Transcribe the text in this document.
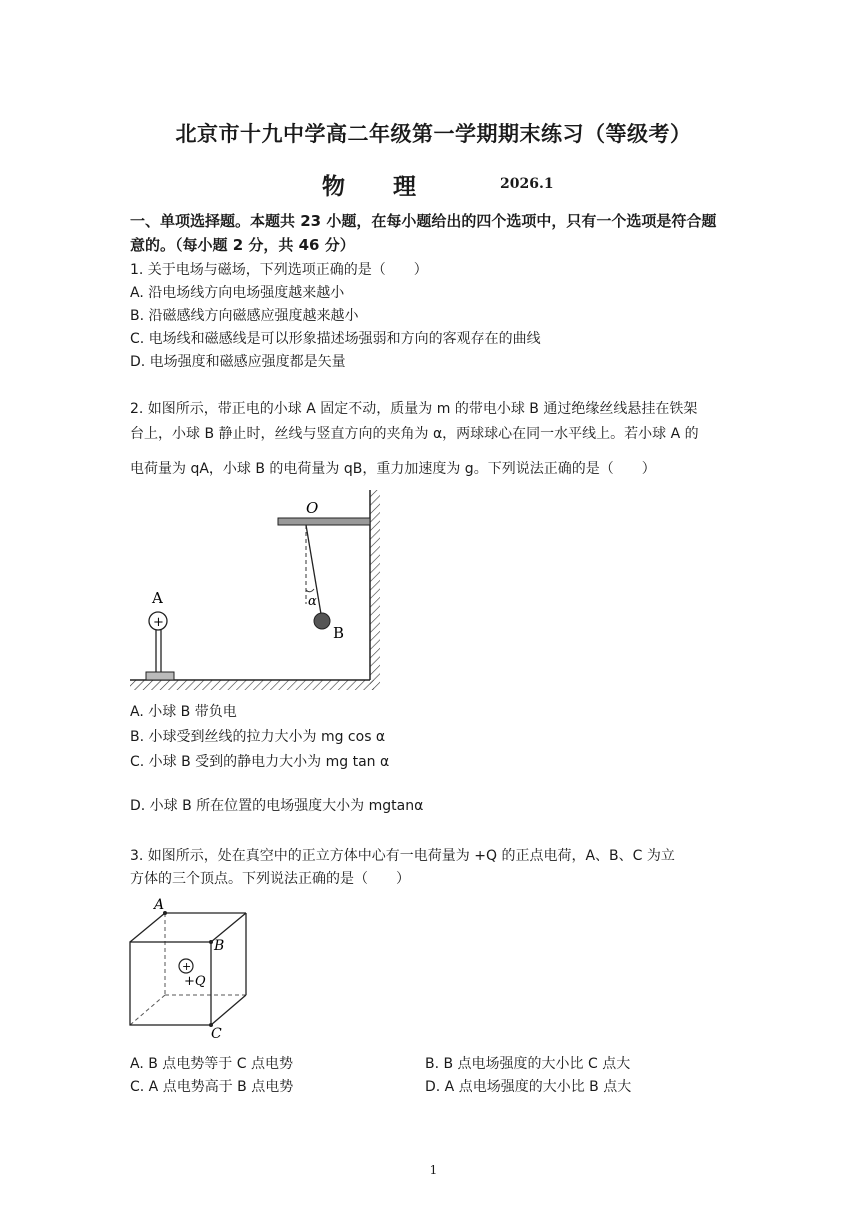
北京市十九中学高二年级第一学期期末练习（等级考）
物理	2026.1
一、单项选择题。本题共 23 小题，在每小题给出的四个选项中，只有一个选项是符合题
意的。（每小题 2 分，共 46 分）
1. 关于电场与磁场，下列选项正确的是（　　）
A. 沿电场线方向电场强度越来越小
B. 沿磁感线方向磁感应强度越来越小
C. 电场线和磁感线是可以形象描述场强弱和方向的客观存在的曲线
D. 电场强度和磁感应强度都是矢量
2. 如图所示，带正电的小球 A 固定不动，质量为 m 的带电小球 B 通过绝缘丝线悬挂在铁架
台上，小球 B 静止时，丝线与竖直方向的夹角为 α，两球球心在同一水平线上。若小球 A 的
电荷量为 qA，小球 B 的电荷量为 qB，重力加速度为 g。下列说法正确的是（　　）
O
α
B
A
+
A. 小球 B 带负电
B. 小球受到丝线的拉力大小为 mg cos α
C. 小球 B 受到的静电力大小为 mg tan α
D. 小球 B 所在位置的电场强度大小为 mgtanα
3. 如图所示，处在真空中的正立方体中心有一电荷量为 +Q 的正点电荷，A、B、C 为立
方体的三个顶点。下列说法正确的是（　　）
A
B
C
+
+Q
A. B 点电势等于 C 点电势	B. B 点电场强度的大小比 C 点大
C. A 点电势高于 B 点电势	D. A 点电场强度的大小比 B 点大
1
